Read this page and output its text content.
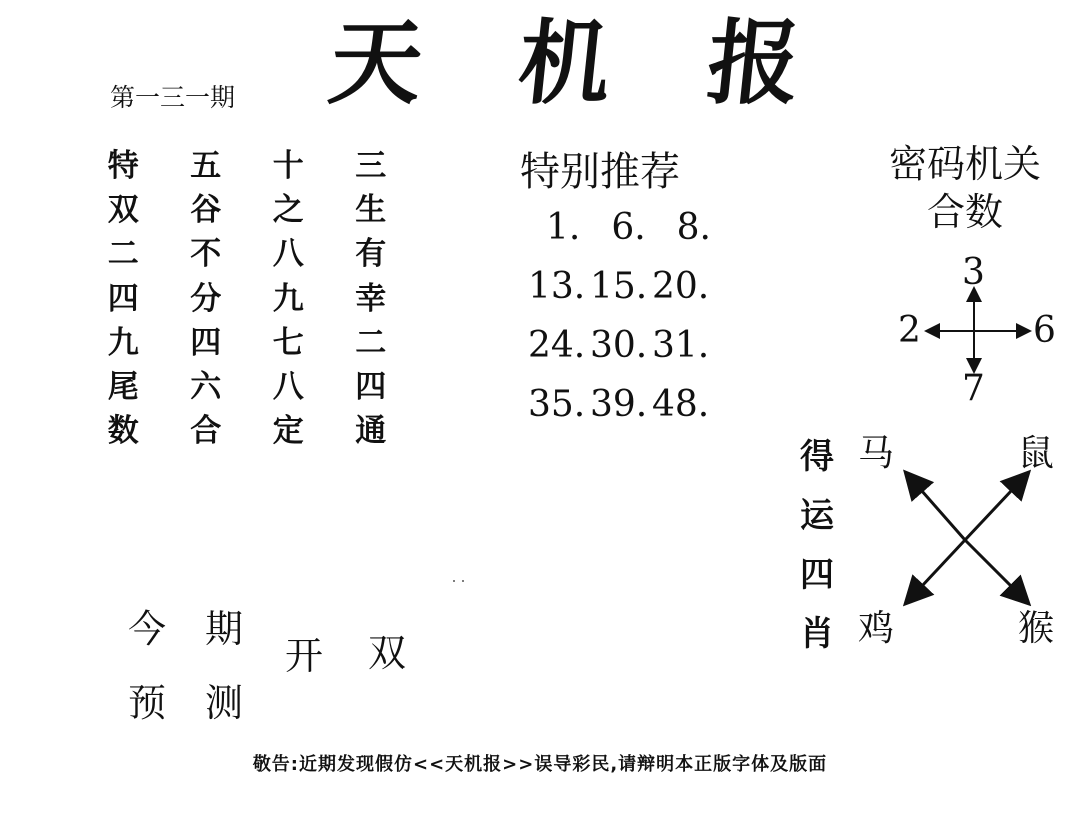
天 机 报
第一三一期
特 五 十 三
双 谷 之 生
二 不 八 有
四 分 九 幸
九 四 七 二
尾 六 八 四
数 合 定 通
特别推荐
1. 6. 8.
13. 15. 20.
24. 30. 31.
35. 39. 48.
密码机关
合数
3
2	6
7
得
运
四
肖
马	鼠
鸡	猴
今 期
预 测
开 双
敬告:近期发现假仿<<天机报>>误导彩民,请辩明本正版字体及版面
